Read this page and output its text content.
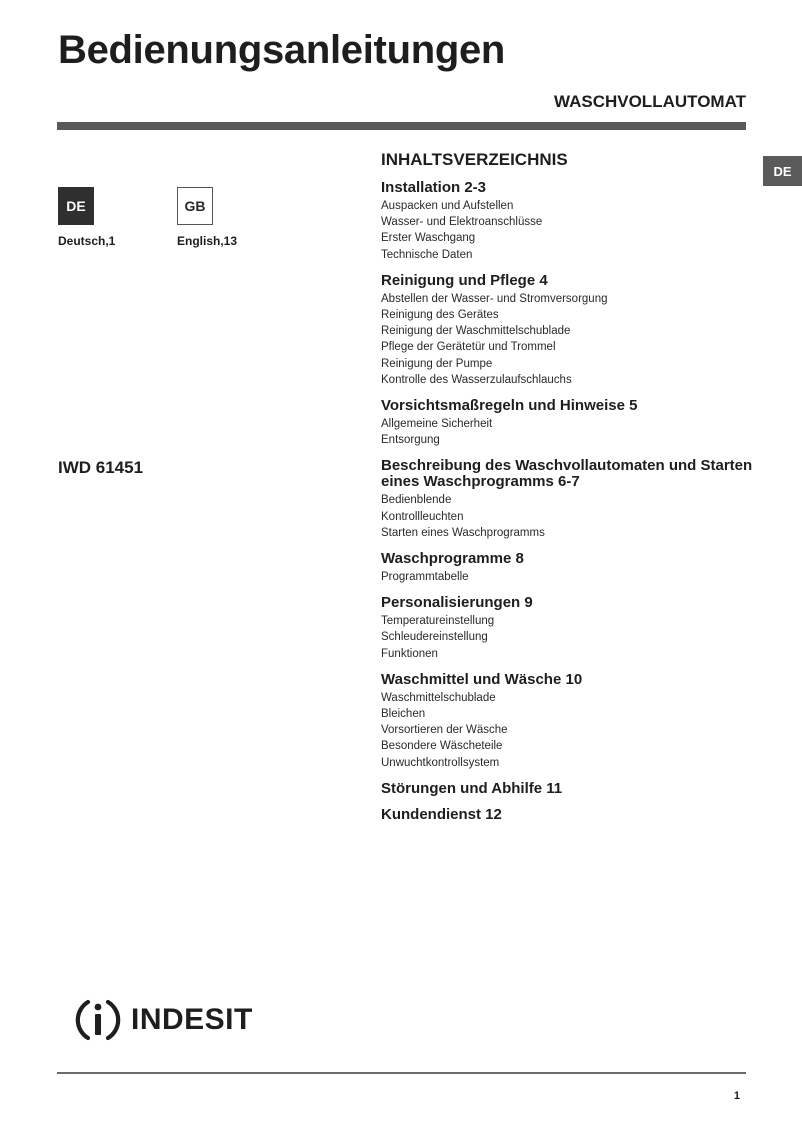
Bedienungsanleitungen
WASCHVOLLAUTOMAT
DE
DE
Deutsch,1
GB
English,13
IWD 61451
INHALTSVERZEICHNIS
Installation 2-3
Auspacken und Aufstellen
Wasser- und Elektroanschlüsse
Erster Waschgang
Technische Daten
Reinigung und Pflege 4
Abstellen der Wasser- und Stromversorgung
Reinigung des Gerätes
Reinigung der Waschmittelschublade
Pflege der Gerätetür und Trommel
Reinigung der Pumpe
Kontrolle des Wasserzulaufschlauchs
Vorsichtsmaßregeln und Hinweise 5
Allgemeine Sicherheit
Entsorgung
Beschreibung des Waschvollautomaten und Starten eines Waschprogramms 6-7
Bedienblende
Kontrollleuchten
Starten eines Waschprogramms
Waschprogramme 8
Programmtabelle
Personalisierungen 9
Temperatureinstellung
Schleudereinstellung
Funktionen
Waschmittel und Wäsche 10
Waschmittelschublade
Bleichen
Vorsortieren der Wäsche
Besondere Wäscheteile
Unwuchtkontrollsystem
Störungen und Abhilfe 11
Kundendienst 12
INDESIT
1
